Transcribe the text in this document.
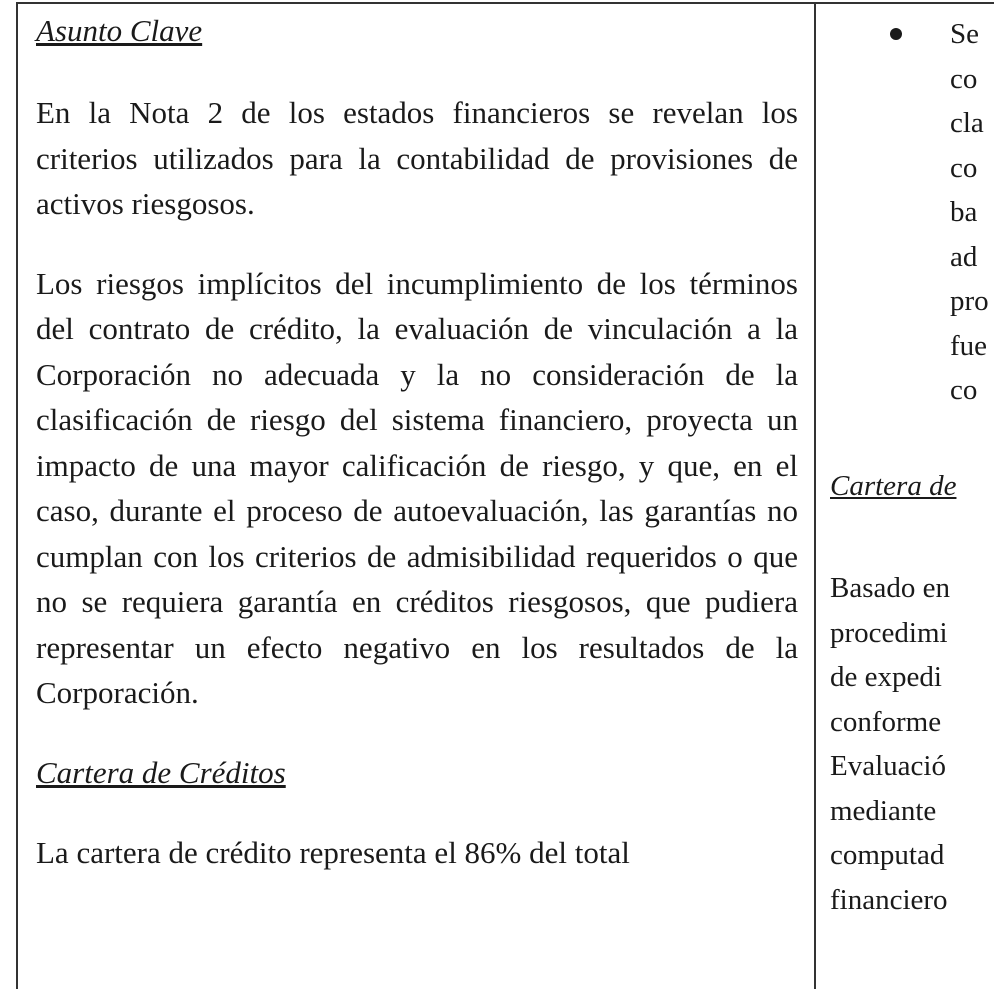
Asunto Clave

En la Nota 2 de los estados financieros se revelan los criterios utilizados para la contabilidad de provisiones de activos riesgosos.

Los riesgos implícitos del incumplimiento de los términos del contrato de crédito, la evaluación de vinculación a la Corporación no adecuada y la no consideración de la clasificación de riesgo del sistema financiero, proyecta un impacto de una mayor calificación de riesgo, y que, en el caso, durante el proceso de autoevaluación, las garantías no cumplan con los criterios de admisibilidad requeridos o que no se requiera garantía en créditos riesgosos, que pudiera representar un efecto negativo en los resultados de la Corporación.

Cartera de Créditos

La cartera de crédito representa el 86% del total

Se
co
cla
co
ba
ad
pro
fue
co
Cartera de
Basado en
procedimi
de expedi
conforme
Evaluació
mediante
computad
financiero
